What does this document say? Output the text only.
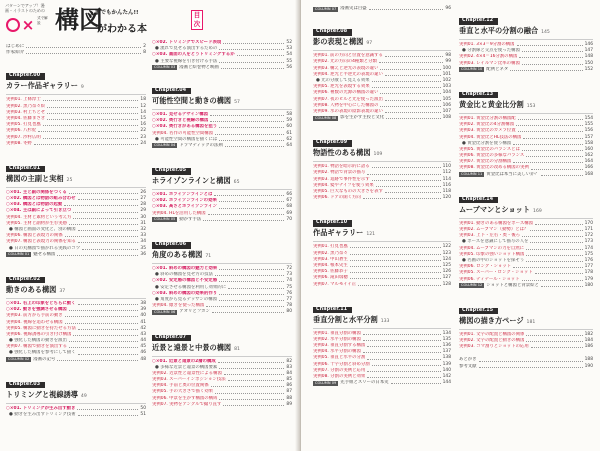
パターンでアップ！漫画・イラストのための
× 式で解説 構図
誰でもかんたん!!
がわかる本
目次
はじめに	2
作家紹介	8
Chapter.00
カラー作品ギャラリー 9
実例01. 上條淳士	18
実例02. 黒乃奈々絵	12
実例03. 村上ちとせ	14
実例04. 佐藤まさき	15
実例05. 打見也風	16
実例06. 八杉紀	22
実例07. 沙村広明	23
実例08. 冬野	24
Chapter.01
構図の主副と実相 25
○×01. 主と副の関係をつくる	26
○×02. 構図とは物語の組み合わせ	27
○×03. 構図とは物語の起動	28
○×04. 主は副によって引き立つ	29
実例04. 主材と素材という考え方	30
実例05. 主材と副材が生む実感	31
● 構図と画面の変化と、別の構図	32
実例06. 構図と表現力の関係	33
実例07. 構図と表現力の関係を知る	34
● 日の丸構図で描かれる実践のコツ	35
COLUMN 01 魅せる構図	36
Chapter.02
動きのある構図 37
○×01. 右上の印象をどちらに動く	38
○×02. 動きを強調させる構図	39
実例03. 前方から手前の動き	40
実例04. 視線を追わせる構図	41
実例05. 構図に動きを持たせる方法	42
実例06. 視線誘導の引き付け構図	43
● 強化した構図の動きを演出	44
実例07. 構図で動きを演出する	45
● 強化した構図を参考にして描く	46
COLUMN 02 漫画の記号	48
Chapter.03
トリミングと視線誘導 49
○×01. トリミングが生み出す動き	50
● 動きを生み出すトリミング技術	51
○×02. トリミングでスピード表現	52
● 流れで見せる演出するための	53
○×03. 画面の人をどうトリミングするか	54
● 主要な視線を引き付ける手法	55
COLUMN 03 漫画と絵巻物と映画	56
Chapter.04
可能性空間と動きの構図 57
○×01. 見せるデザイン構図	58
○×02. 奥行きと視線の構図	59
○×03. 奥行きがある構図を狙う	60
実例04. 名作の可能性空間構図	61
● 可能性空間の構図を描くには	62
COLUMN 04 ドラマティックの法則	64
Chapter.05
ホライゾンラインと構図 65
○×01. ホライゾンラインとは	66
○×02. ホライゾンラインの効果	67
○×03. 高さとホライゾンライン	68
実例04. HLを活用した構図	69
COLUMN 05 動かす手法	70
Chapter.06
角度のある構図 71
○×01. 斜めの構図の魅力と効果	72
● 斜めの構図を見せ方の技法	73
○×02. 安定感の構図と不安定感	74
● 安定させる構図を利用し効果的に	75
○×03. 斜めの構図の効果的作り	76
● 角度から見るデッサンの構図	77
実例04. 傾きを使った構図	78
COLUMN 06 アオリとフカン	80
Chapter.07
近景と遠景と中景の構図 81
○×01. 近景と遠景の2層の構成	82
● 多様な近景と遠景の構図要素	83
実例02. 近景性と遠景性による構図	84
実例03. スーパーインポジション技法	85
実例04. 手前と奥の位置関係	86
実例05. 手の大きさで描く効果	87
実例06. 中景を生かす構図の構成	88
実例07. 実物をアングルで撮り直す	89
COLUMN 07 漫画史は目盛	96
Chapter.08
影の表現と構図 97
実例01. 前の方向と位置を意識する	98
実例02. 光の方向の4種類と分類	99
実例03. 構えと逆光の表現の違い	100
実例04. 逆光と半逆光の表現の違い	101
● 光の分散して見える効果	102
実例05. 逆光を表現する効果	103
実例06. 複数の光源の構図の違い	104
実例07. 夜のビルと光を使った演出	105
実例08. 人物を中心にした構図の	106
実例09. 水の表現の陰影表現の違い	107
COLUMN 08 影を生かす主役と文化	108
Chapter.09
物語性のある構図 109
実例01. 物語を暗示的に語る	110
実例02. 物語で背景の描写	112
実例03. 追跡で事件性を示す	114
実例04. 髪やナイフを使う効果	116
実例05. 巨大なものの大きさを表す	118
実例06. ドアの開く方向	120
Chapter.10
作品ギャラリー 121
実例01. 打見也風	122
実例02. 黒乃奈々	123
実例03. 中山蒼生	124
実例04. 根本史生	125
実例05. 佐藤恭子	126
実例06. 滝田瑞穂	127
実例07. マルモイイ正	128
Chapter.11
垂直分割と水平分割 133
実例01. 垂直分割の構図	134
実例02. 水平分割の構図	135
実例03. 垂直分割する構図	136
実例04. 水平分割の構図	137
実例05. 垂直と水平の分割	138
実例06. 十字分割と斜め分割	139
実例07. 分割の実例と応用	140
実例08. 分割の実例と効果	142
COLUMN 09 先手組とスリーの日本史	144
Chapter.12
垂直と水平の分割の融合 145
実例01. 3×3＝9分割の構図	146
● 分割線と交点を使った構図	147
実例02. 4×4＝16分割の構図	148
実例03. レイルマン比率の構図	150
COLUMN 10 配例とネタ	152
Chapter.13
黄金比と黄金比分割 153
実例01. 黄金比分割の構図配	154
実例02. 黄金比の4分割構図	155
実例03. 黄金比のカメラ位置	156
実例04. 黄金比とHL技法の構図	157
● 黄金比分割を使う構図	158
実例05. 黄金比のバランスとは	160
実例06. 黄金比の多様なバランス	162
実例07. 黄金比の分割構図	164
実例08. 黄金比の改める構図の実例	166
COLUMN 11 黄金比は本当に美しいか？	168
Chapter.14
ムーブマンとショット 169
実例01. 動きのある構図をポーズ構図	170
実例02. ムーブマン（動勢）とは？	171
実例03. 上下・左右・奥・後ろ	172
● ポーズを意識にして描写の人を	173
実例04. ムーブマンの力を自然に	174
実例05. 印象の強いショット構図	175
● 名画の中のショットを探そう	176
実例06. ロング・ショット	177
実例05. スーパー・ロング・ショット	178
実例06. ディテール・ショット	179
COLUMN 12 ショットと構図と背景絵と	180
Chapter.15
構図の描き方ページ 181
実例01. 文字の配置と構図の関係	182
実例02. 文字の配置と動きの構図	184
実例03. コマ割りとショットの応用	186
あとがき	188
参考文献	190
